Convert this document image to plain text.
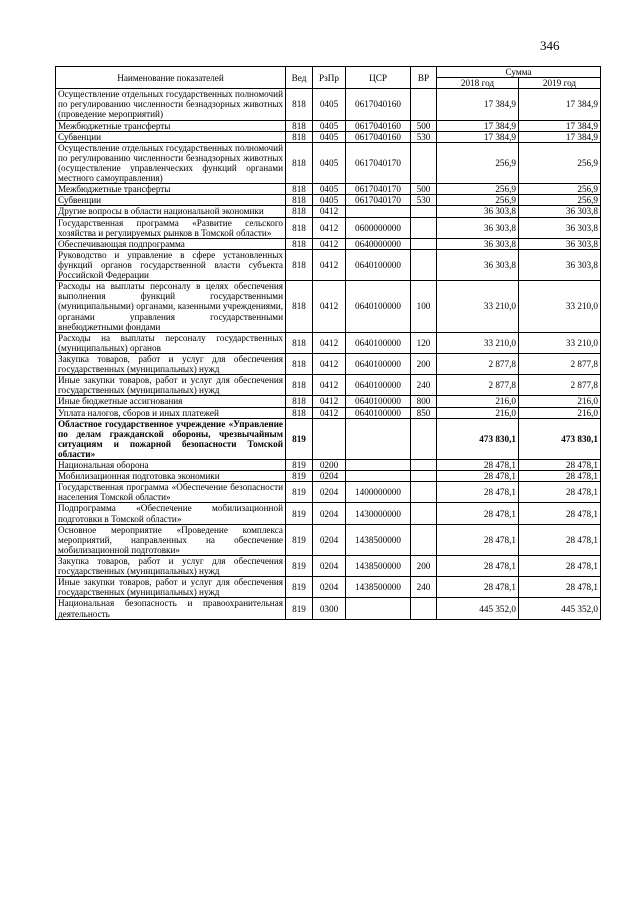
346
Наименование показателей	Вед	РзПр	ЦСР	ВР	Сумма	
					2018 год	2019 год
Осуществление отдельных государственных полномочий по регулированию численности безнадзорных животных (проведение мероприятий)	818	0405	0617040160		17 384,9	17 384,9
Межбюджетные трансферты	818	0405	0617040160	500	17 384,9	17 384,9
Субвенции	818	0405	0617040160	530	17 384,9	17 384,9
Осуществление отдельных государственных полномочий по регулированию численности безнадзорных животных (осуществление управленческих функций органами местного самоуправления)	818	0405	0617040170		256,9	256,9
Межбюджетные трансферты	818	0405	0617040170	500	256,9	256,9
Субвенции	818	0405	0617040170	530	256,9	256,9
Другие вопросы в области национальной экономики	818	0412			36 303,8	36 303,8
Государственная программа «Развитие сельского хозяйства и регулируемых рынков в Томской области»	818	0412	0600000000		36 303,8	36 303,8
Обеспечивающая подпрограмма	818	0412	0640000000		36 303,8	36 303,8
Руководство и управление в сфере установленных функций органов государственной власти субъекта Российской Федерации	818	0412	0640100000		36 303,8	36 303,8
Расходы на выплаты персоналу в целях обеспечения выполнения функций государственными (муниципальными) органами, казенными учреждениями, органами управления государственными внебюджетными фондами	818	0412	0640100000	100	33 210,0	33 210,0
Расходы на выплаты персоналу государственных (муниципальных) органов	818	0412	0640100000	120	33 210,0	33 210,0
Закупка товаров, работ и услуг для обеспечения государственных (муниципальных) нужд	818	0412	0640100000	200	2 877,8	2 877,8
Иные закупки товаров, работ и услуг для обеспечения государственных (муниципальных) нужд	818	0412	0640100000	240	2 877,8	2 877,8
Иные бюджетные ассигнования	818	0412	0640100000	800	216,0	216,0
Уплата налогов, сборов и иных платежей	818	0412	0640100000	850	216,0	216,0
Областное государственное учреждение «Управление по делам гражданской обороны, чрезвычайным ситуациям и пожарной безопасности Томской области»	819				473 830,1	473 830,1
Национальная оборона	819	0200			28 478,1	28 478,1
Мобилизационная подготовка экономики	819	0204			28 478,1	28 478,1
Государственная программа «Обеспечение безопасности населения Томской области»	819	0204	1400000000		28 478,1	28 478,1
Подпрограмма «Обеспечение мобилизационной подготовки в Томской области»	819	0204	1430000000		28 478,1	28 478,1
Основное мероприятие «Проведение комплекса мероприятий, направленных на обеспечение мобилизационной подготовки»	819	0204	1438500000		28 478,1	28 478,1
Закупка товаров, работ и услуг для обеспечения государственных (муниципальных) нужд	819	0204	1438500000	200	28 478,1	28 478,1
Иные закупки товаров, работ и услуг для обеспечения государственных (муниципальных) нужд	819	0204	1438500000	240	28 478,1	28 478,1
Национальная безопасность и правоохранительная деятельность	819	0300			445 352,0	445 352,0
